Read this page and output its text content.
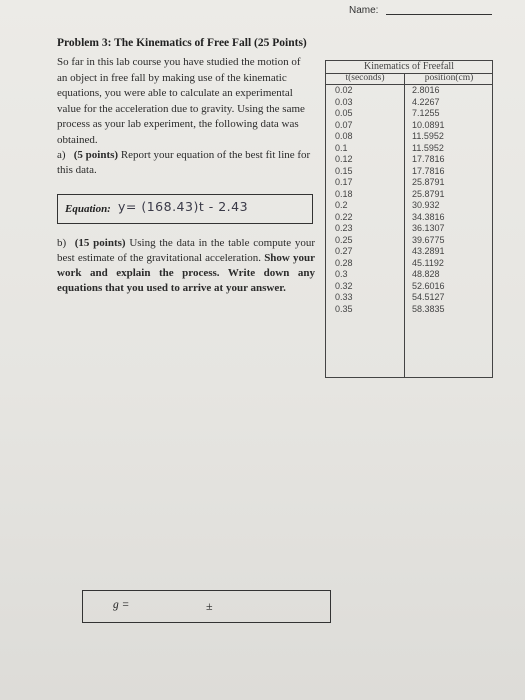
Name:
Problem 3: The Kinematics of Free Fall (25 Points)
So far in this lab course you have studied the motion of an object in free fall by making use of the kinematic equations, you were able to calculate an experimental value for the acceleration due to gravity. Using the same process as your lab experiment, the following data was obtained.
a) (5 points) Report your equation of the best fit line for this data.
Equation: y= (168.43)t - 2.43
b) (15 points) Using the data in the table compute your best estimate of the gravitational acceleration. Show your work and explain the process. Write down any equations that you used to arrive at your answer.
Kinematics of Freefall
t(seconds)	position(cm)
0.02	2.8016
0.03	4.2267
0.05	7.1255
0.07	10.0891
0.08	11.5952
0.1	11.5952
0.12	17.7816
0.15	17.7816
0.17	25.8791
0.18	25.8791
0.2	30.932
0.22	34.3816
0.23	36.1307
0.25	39.6775
0.27	43.2891
0.28	45.1192
0.3	48.828
0.32	52.6016
0.33	54.5127
0.35	58.3835
g =	±
